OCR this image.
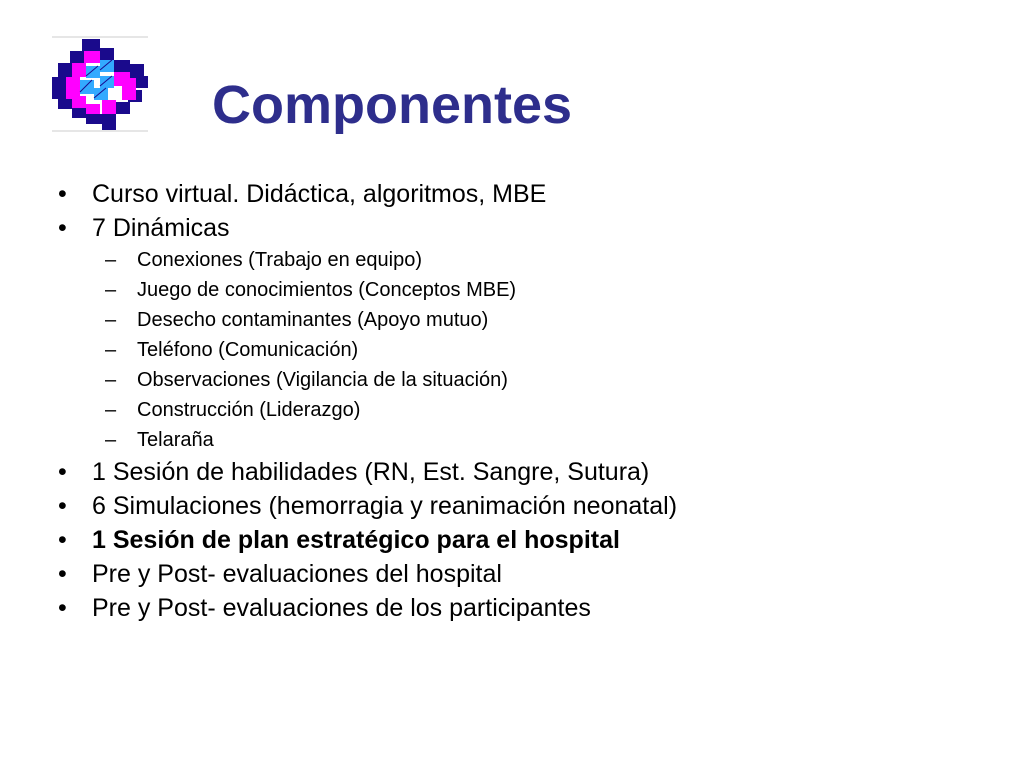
Componentes
• Curso virtual. Didáctica, algoritmos, MBE
• 7 Dinámicas
– Conexiones (Trabajo en equipo)
– Juego de conocimientos (Conceptos MBE)
– Desecho contaminantes (Apoyo mutuo)
– Teléfono (Comunicación)
– Observaciones (Vigilancia de la situación)
– Construcción (Liderazgo)
– Telaraña
• 1 Sesión de habilidades (RN, Est. Sangre, Sutura)
• 6 Simulaciones (hemorragia y reanimación neonatal)
• 1 Sesión de plan estratégico para el hospital
• Pre y Post- evaluaciones del hospital
• Pre y Post- evaluaciones de los participantes
